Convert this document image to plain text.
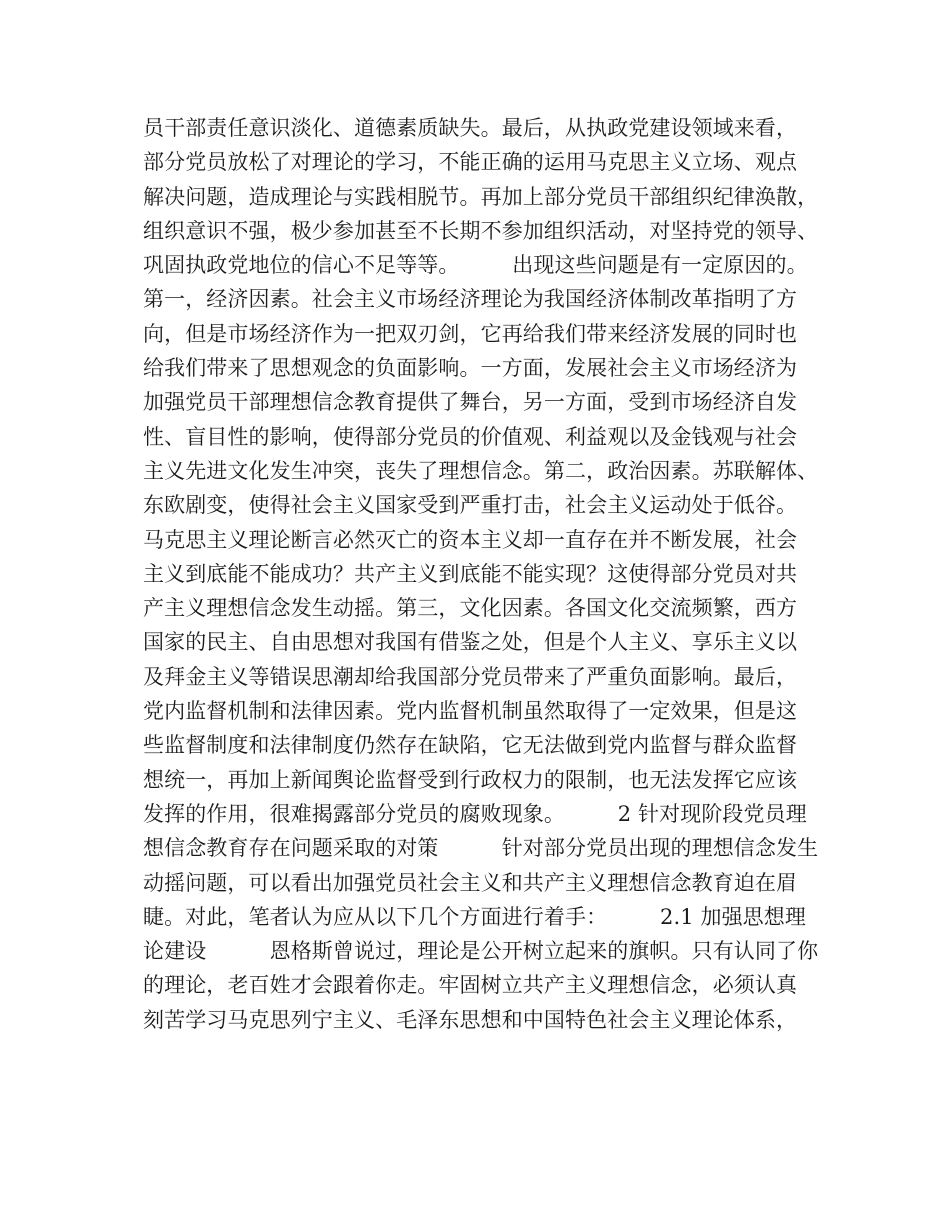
员干部责任意识淡化、道德素质缺失。最后，从执政党建设领域来看，

部分党员放松了对理论的学习，不能正确的运用马克思主义立场、观点

解决问题，造成理论与实践相脱节。再加上部分党员干部组织纪律涣散，

组织意识不强，极少参加甚至不长期不参加组织活动，对坚持党的领导、

巩固执政党地位的信心不足等等。　　　出现这些问题是有一定原因的。

第一，经济因素。社会主义市场经济理论为我国经济体制改革指明了方

向，但是市场经济作为一把双刃剑，它再给我们带来经济发展的同时也

给我们带来了思想观念的负面影响。一方面，发展社会主义市场经济为

加强党员干部理想信念教育提供了舞台，另一方面，受到市场经济自发

性、盲目性的影响，使得部分党员的价值观、利益观以及金钱观与社会

主义先进文化发生冲突，丧失了理想信念。第二，政治因素。苏联解体、

东欧剧变，使得社会主义国家受到严重打击，社会主义运动处于低谷。

马克思主义理论断言必然灭亡的资本主义却一直存在并不断发展，社会

主义到底能不能成功？共产主义到底能不能实现？这使得部分党员对共

产主义理想信念发生动摇。第三，文化因素。各国文化交流频繁，西方

国家的民主、自由思想对我国有借鉴之处，但是个人主义、享乐主义以

及拜金主义等错误思潮却给我国部分党员带来了严重负面影响。最后，

党内监督机制和法律因素。党内监督机制虽然取得了一定效果，但是这

些监督制度和法律制度仍然存在缺陷，它无法做到党内监督与群众监督

想统一，再加上新闻舆论监督受到行政权力的限制，也无法发挥它应该

发挥的作用，很难揭露部分党员的腐败现象。　　　2 针对现阶段党员理

想信念教育存在问题采取的对策　　　针对部分党员出现的理想信念发生

动摇问题，可以看出加强党员社会主义和共产主义理想信念教育迫在眉

睫。对此，笔者认为应从以下几个方面进行着手：　　　2.1 加强思想理

论建设　　　恩格斯曾说过，理论是公开树立起来的旗帜。只有认同了你

的理论，老百姓才会跟着你走。牢固树立共产主义理想信念，必须认真

刻苦学习马克思列宁主义、毛泽东思想和中国特色社会主义理论体系，
